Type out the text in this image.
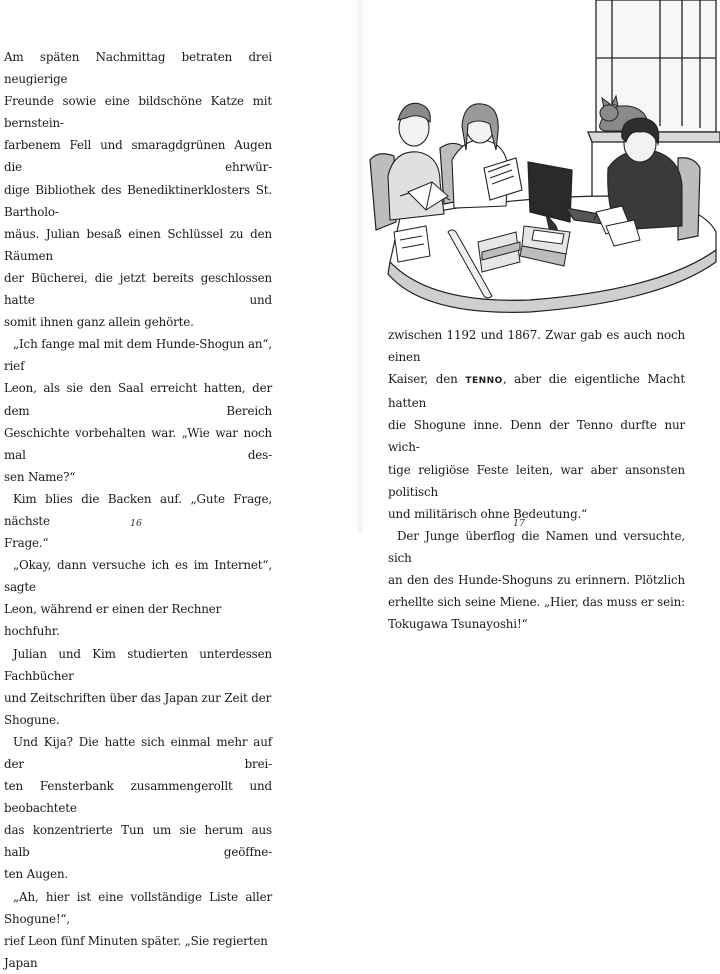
Am späten Nachmittag betraten drei neugierige
Freunde sowie eine bildschöne Katze mit bernstein-
farbenem Fell und smaragdgrünen Augen die ehrwür-
dige Bibliothek des Benediktinerklosters St. Bartholo-
mäus. Julian besaß einen Schlüssel zu den Räumen
der Bücherei, die jetzt bereits geschlossen hatte und
somit ihnen ganz allein gehörte.

„Ich fange mal mit dem Hunde-Shogun an“, rief
Leon, als sie den Saal erreicht hatten, der dem Bereich
Geschichte vorbehalten war. „Wie war noch mal des-
sen Name?“

Kim blies die Backen auf. „Gute Frage, nächste
Frage.“

„Okay, dann versuche ich es im Internet“, sagte
Leon, während er einen der Rechner hochfuhr.

Julian und Kim studierten unterdessen Fachbücher
und Zeitschriften über das Japan zur Zeit der Shogune.

Und Kija? Die hatte sich einmal mehr auf der brei-
ten Fensterbank zusammengerollt und beobachtete
das konzentrierte Tun um sie herum aus halb geöffne-
ten Augen.

„Ah, hier ist eine vollständige Liste aller Shogune!“,
rief Leon fünf Minuten später. „Sie regierten Japan

16

zwischen 1192 und 1867. Zwar gab es auch noch einen
Kaiser, den TENNO, aber die eigentliche Macht hatten
die Shogune inne. Denn der Tenno durfte nur wich-
tige religiöse Feste leiten, war aber ansonsten politisch
und militärisch ohne Bedeutung.“

Der Junge überflog die Namen und versuchte, sich
an den des Hunde-Shoguns zu erinnern. Plötzlich
erhellte sich seine Miene. „Hier, das muss er sein:
Tokugawa Tsunayoshi!“

17
